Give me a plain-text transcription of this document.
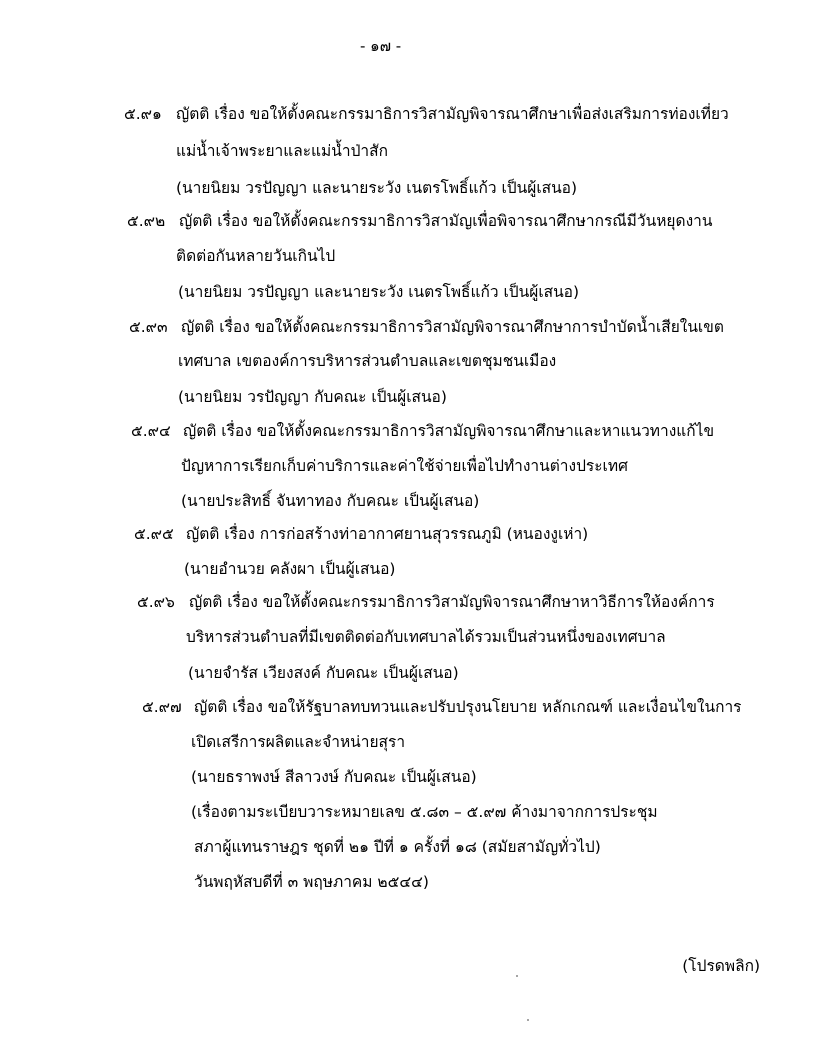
- ๑๗ -
๕.๙๑ ญัตติ เรื่อง ขอให้ตั้งคณะกรรมาธิการวิสามัญพิจารณาศึกษาเพื่อส่งเสริมการท่องเที่ยว
แม่น้ำเจ้าพระยาและแม่น้ำป่าสัก
(นายนิยม วรปัญญา และนายระวัง เนตรโพธิ์แก้ว เป็นผู้เสนอ)
๕.๙๒ ญัตติ เรื่อง ขอให้ตั้งคณะกรรมาธิการวิสามัญเพื่อพิจารณาศึกษากรณีมีวันหยุดงาน
ติดต่อกันหลายวันเกินไป
(นายนิยม วรปัญญา และนายระวัง เนตรโพธิ์แก้ว เป็นผู้เสนอ)
๕.๙๓ ญัตติ เรื่อง ขอให้ตั้งคณะกรรมาธิการวิสามัญพิจารณาศึกษาการบำบัดน้ำเสียในเขต
เทศบาล เขตองค์การบริหารส่วนตำบลและเขตชุมชนเมือง
(นายนิยม วรปัญญา กับคณะ เป็นผู้เสนอ)
๕.๙๔ ญัตติ เรื่อง ขอให้ตั้งคณะกรรมาธิการวิสามัญพิจารณาศึกษาและหาแนวทางแก้ไข
ปัญหาการเรียกเก็บค่าบริการและค่าใช้จ่ายเพื่อไปทำงานต่างประเทศ
(นายประสิทธิ์ จันทาทอง กับคณะ เป็นผู้เสนอ)
๕.๙๕ ญัตติ เรื่อง การก่อสร้างท่าอากาศยานสุวรรณภูมิ (หนองงูเห่า)
(นายอำนวย คลังผา เป็นผู้เสนอ)
๕.๙๖ ญัตติ เรื่อง ขอให้ตั้งคณะกรรมาธิการวิสามัญพิจารณาศึกษาหาวิธีการให้องค์การ
บริหารส่วนตำบลที่มีเขตติดต่อกับเทศบาลได้รวมเป็นส่วนหนึ่งของเทศบาล
(นายจำรัส เวียงสงค์ กับคณะ เป็นผู้เสนอ)
๕.๙๗ ญัตติ เรื่อง ขอให้รัฐบาลทบทวนและปรับปรุงนโยบาย หลักเกณฑ์ และเงื่อนไขในการ
เปิดเสรีการผลิตและจำหน่ายสุรา
(นายธราพงษ์ สีลาวงษ์ กับคณะ เป็นผู้เสนอ)
(เรื่องตามระเบียบวาระหมายเลข ๕.๘๓ – ๕.๙๗ ค้างมาจากการประชุม
สภาผู้แทนราษฎร ชุดที่ ๒๑ ปีที่ ๑ ครั้งที่ ๑๘ (สมัยสามัญทั่วไป)
วันพฤหัสบดีที่ ๓ พฤษภาคม ๒๕๔๔)
(โปรดพลิก)
